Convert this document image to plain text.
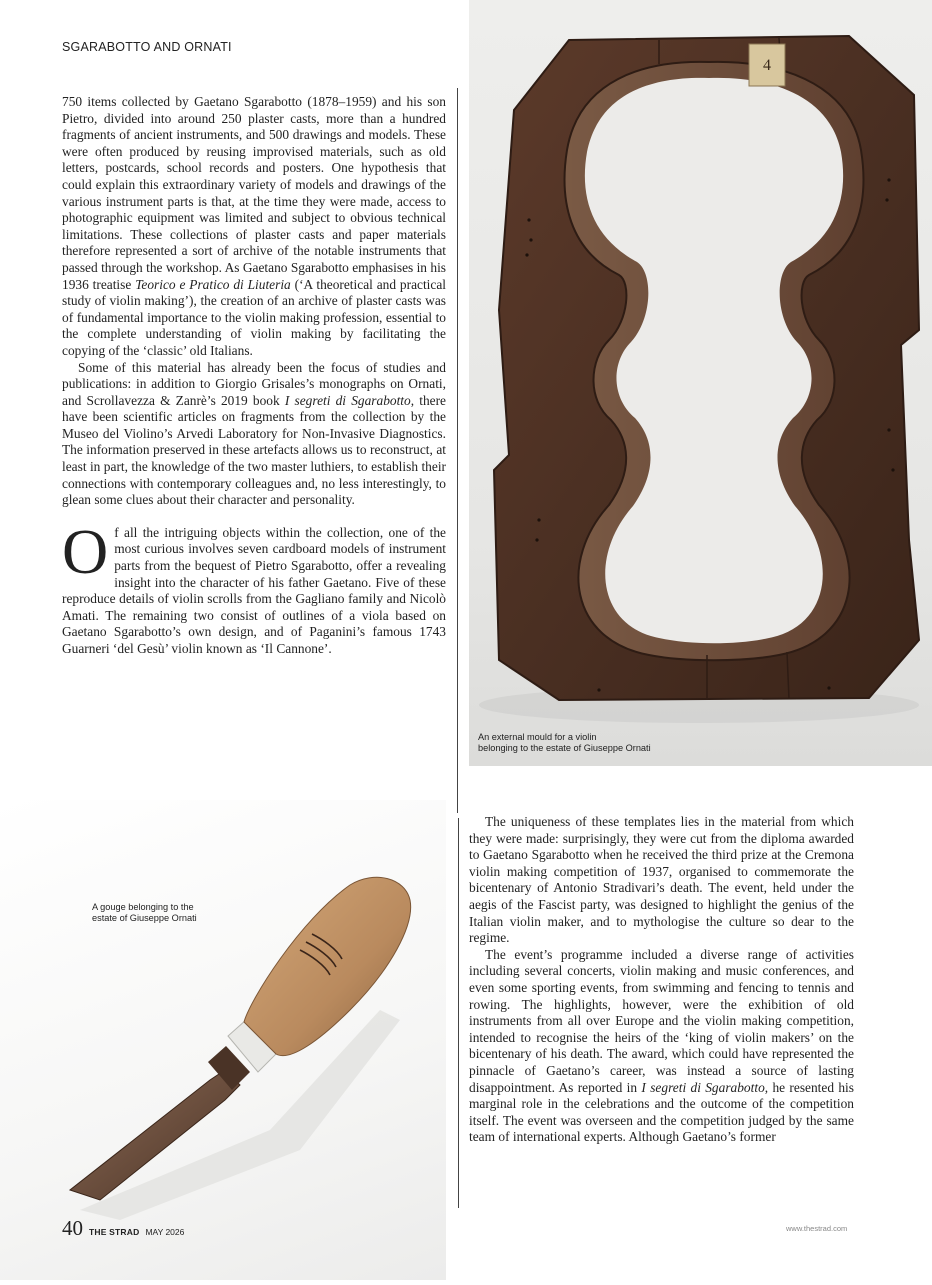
SGARABOTTO AND ORNATI

750 items collected by Gaetano Sgarabotto (1878–1959) and his son Pietro, divided into around 250 plaster casts, more than a hundred fragments of ancient instruments, and 500 drawings and models. These were often produced by reusing improvised materials, such as old letters, postcards, school records and posters. One hypothesis that could explain this extraordinary variety of models and drawings of the various instrument parts is that, at the time they were made, access to photographic equipment was limited and subject to obvious technical limitations. These collections of plaster casts and paper materials therefore represented a sort of archive of the notable instruments that passed through the workshop. As Gaetano Sgarabotto emphasises in his 1936 treatise Teorico e Pratico di Liuteria (‘A theoretical and practical study of violin making’), the creation of an archive of plaster casts was of fundamental importance to the violin making profession, essential to the complete understanding of violin making by facilitating the copying of the ‘classic’ old Italians.

Some of this material has already been the focus of studies and publications: in addition to Giorgio Grisales’s monographs on Ornati, and Scrollavezza & Zanrè’s 2019 book I segreti di Sgarabotto, there have been scientific articles on fragments from the collection by the Museo del Violino’s Arvedi Laboratory for Non-Invasive Diagnostics. The information preserved in these artefacts allows us to reconstruct, at least in part, the knowledge of the two master luthiers, to establish their connections with contemporary colleagues and, no less interestingly, to glean some clues about their character and personality.

Of all the intriguing objects within the collection, one of the most curious involves seven cardboard models of instrument parts from the bequest of Pietro Sgarabotto, offer a revealing insight into the character of his father Gaetano. Five of these reproduce details of violin scrolls from the Gagliano family and Nicolò Amati. The remaining two consist of outlines of a viola based on Gaetano Sgarabotto’s own design, and of Paganini’s famous 1743 Guarneri ‘del Gesù’ violin known as ‘Il Cannone’.

4
An external mould for a violin
belonging to the estate of Giuseppe Ornati
A gouge belonging to the
estate of Giuseppe Ornati

The uniqueness of these templates lies in the material from which they were made: surprisingly, they were cut from the diploma awarded to Gaetano Sgarabotto when he received the third prize at the Cremona violin making competition of 1937, organised to commemorate the bicentenary of Antonio Stradivari’s death. The event, held under the aegis of the Fascist party, was designed to highlight the genius of the Italian violin maker, and to mythologise the culture so dear to the regime.

The event’s programme included a diverse range of activities including several concerts, violin making and music conferences, and even some sporting events, from swimming and fencing to tennis and rowing. The highlights, however, were the exhibition of old instruments from all over Europe and the violin making competition, intended to recognise the heirs of the ‘king of violin makers’ on the bicentenary of his death. The award, which could have represented the pinnacle of Gaetano’s career, was instead a source of lasting disappointment. As reported in I segreti di Sgarabotto, he resented his marginal role in the celebrations and the outcome of the competition itself. The event was overseen and the competition judged by the same team of international experts. Although Gaetano’s former

40 THE STRAD MAY 2026	www.thestrad.com
